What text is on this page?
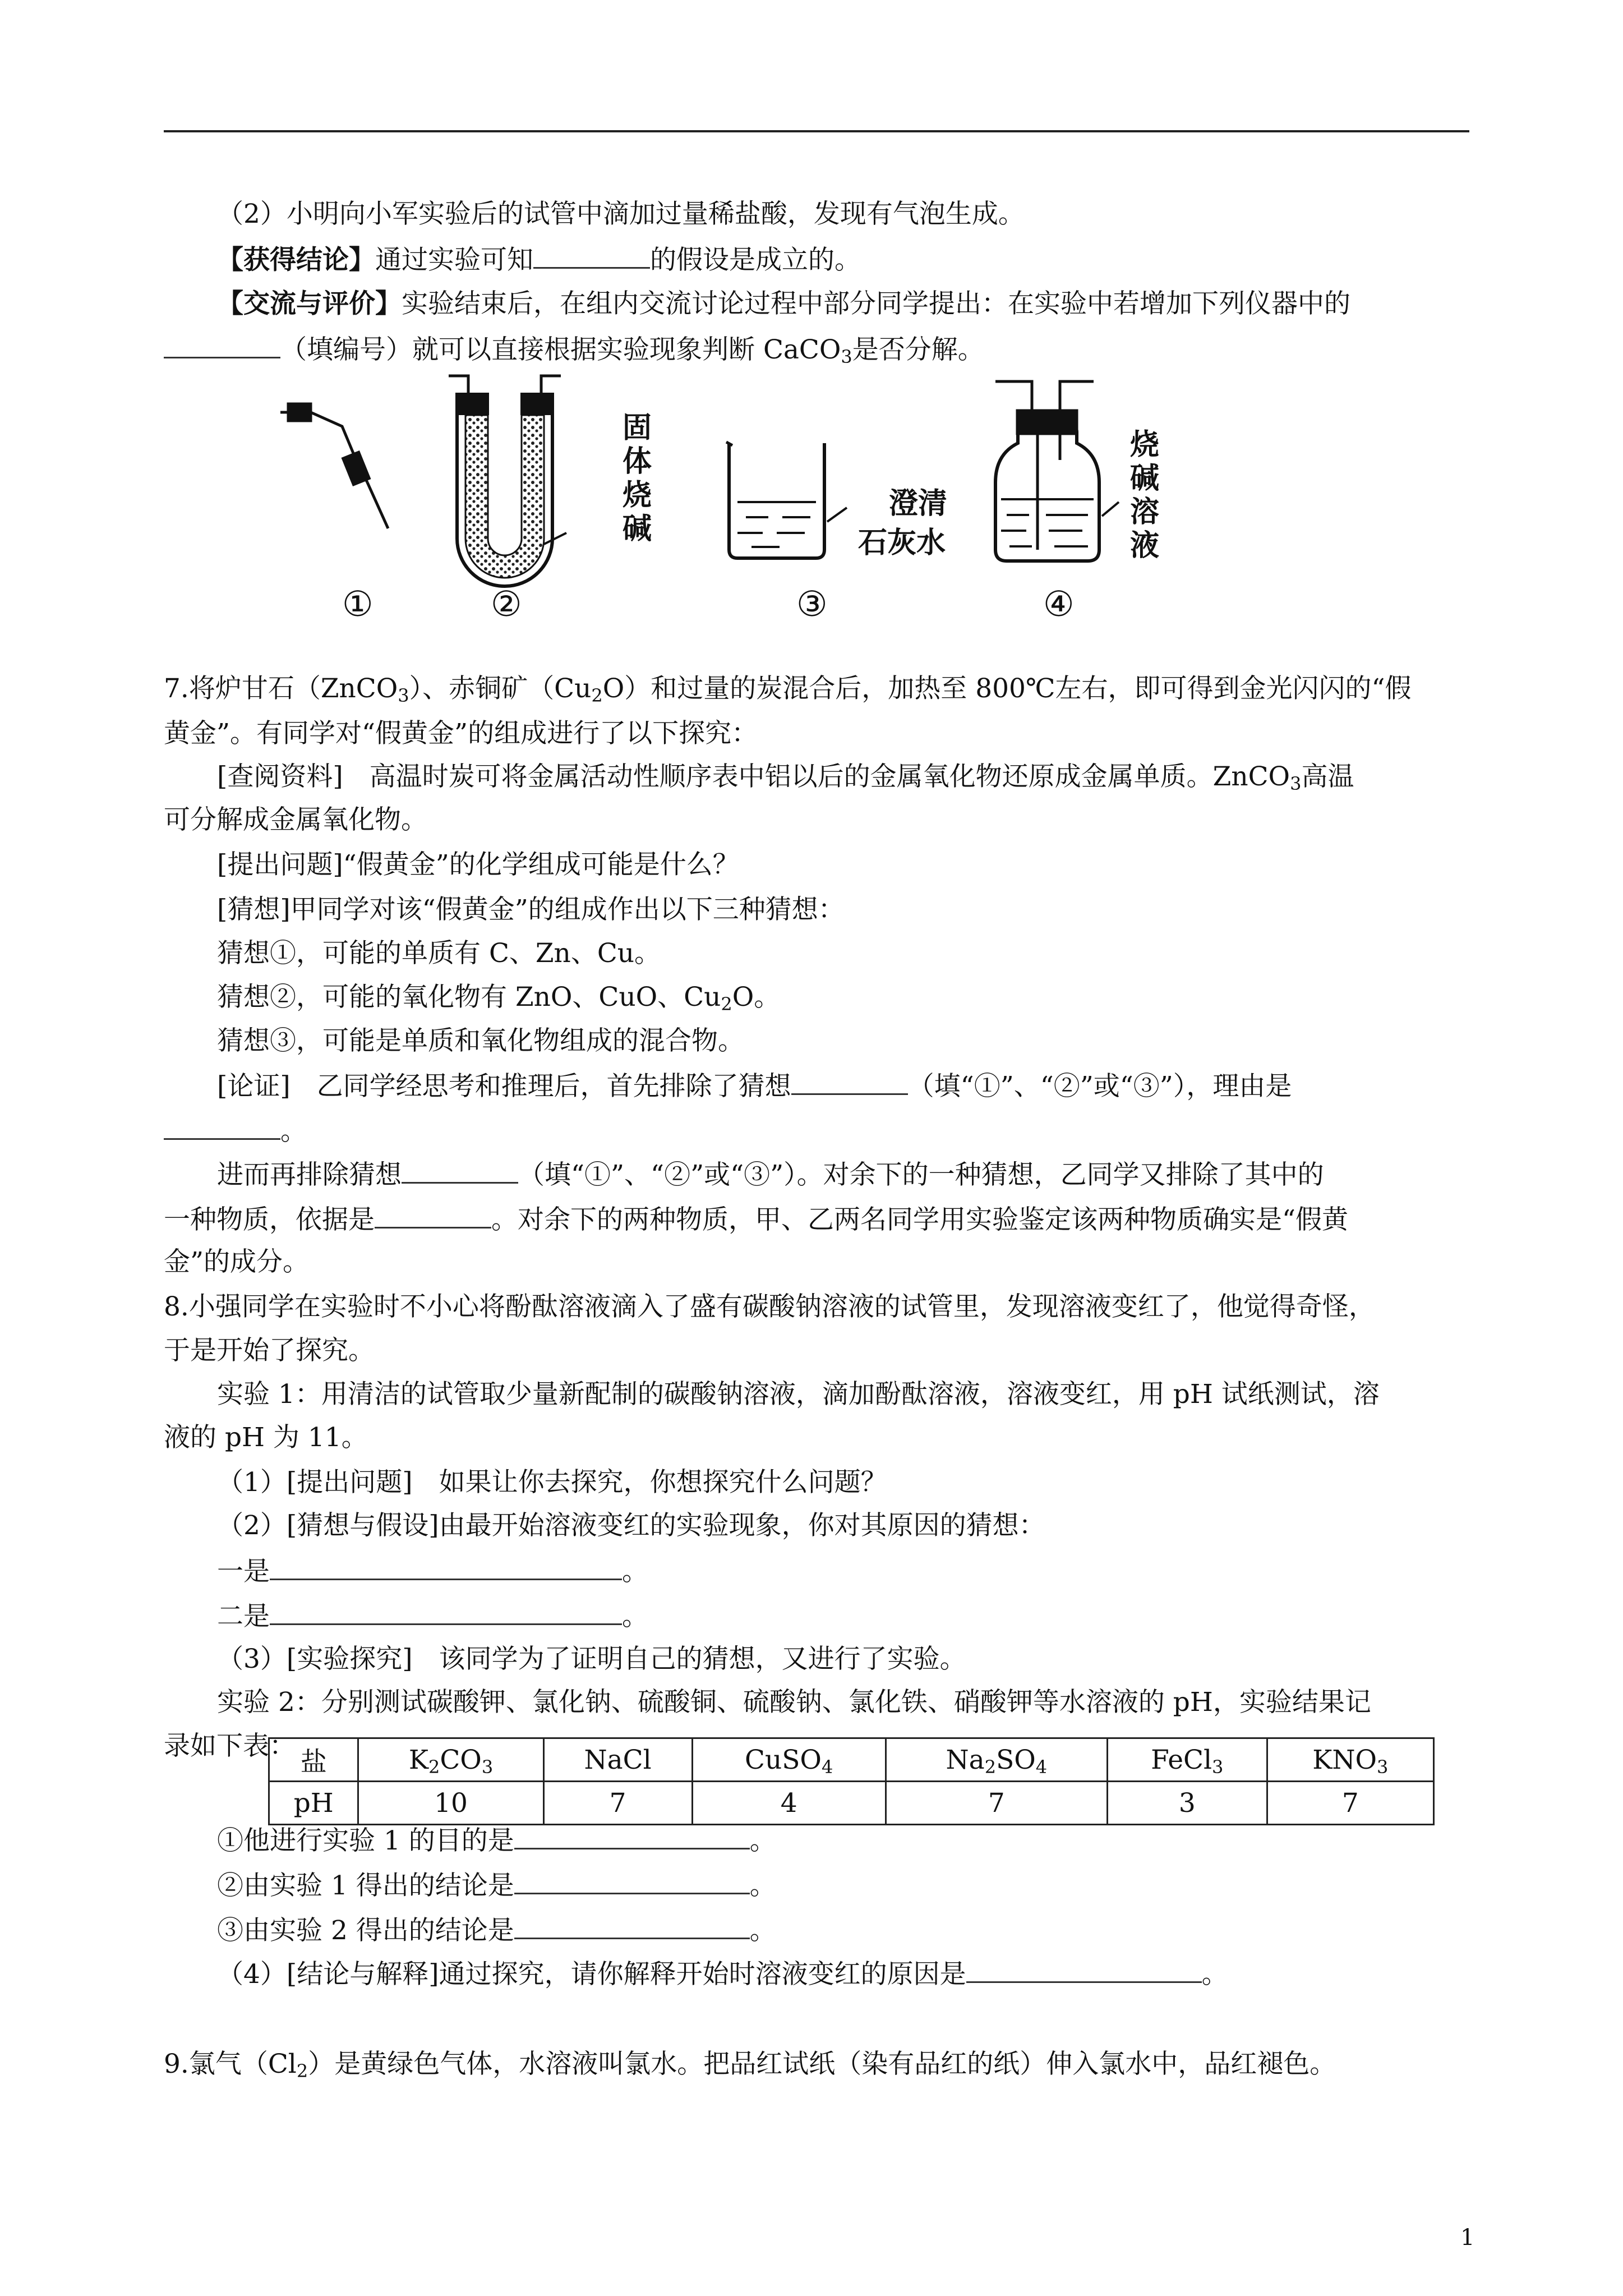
（2）小明向小军实验后的试管中滴加过量稀盐酸，发现有气泡生成。
【获得结论】通过实验可知	的假设是成立的。
【交流与评价】实验结束后，在组内交流讨论过程中部分同学提出：在实验中若增加下列仪器中的
（填编号）就可以直接根据实验现象判断 CaCO$_3$是否分解。
固
体
烧
碱
澄清
石灰水
烧
碱
溶
液
①	②	③	④
7.将炉甘石（ZnCO$_3$）、赤铜矿$(Cu_2O)$和过量的炭混合后，加热至 800℃左右，即可得到金光闪闪的“假
黄金”。有同学对“假黄金”的组成进行了以下探究：
[查阅资料]　高温时炭可将金属活动性顺序表中铝以后的金属氧化物还原成金属单质。ZnCO$_3$高温
可分解成金属氧化物。
[提出问题]“假黄金”的化学组成可能是什么？
[猜想]甲同学对该“假黄金”的组成作出以下三种猜想：
猜想①，可能的单质有 C、Zn、Cu。
猜想②，可能的氧化物有 ZnO、CuO、$Cu_2O$。
猜想③，可能是单质和氧化物组成的混合物。
[论证]　乙同学经思考和推理后，首先排除了猜想	（填“①”、“②”或“③”），理由是
。
进而再排除猜想	（填“①”、“②”或“③”）。对余下的一种猜想，乙同学又排除了其中的
一种物质，依据是	。对余下的两种物质，甲、乙两名同学用实验鉴定该两种物质确实是“假黄
金”的成分。
8.小强同学在实验时不小心将酚酞溶液滴入了盛有碳酸钠溶液的试管里，发现溶液变红了，他觉得奇怪，
于是开始了探究。
实验 1：用清洁的试管取少量新配制的碳酸钠溶液，滴加酚酞溶液，溶液变红，用 pH 试纸测试，溶
液的 pH 为 11。
（1）[提出问题]　如果让你去探究，你想探究什么问题？
（2）[猜想与假设]由最开始溶液变红的实验现象，你对其原因的猜想：
一是	。
二是	。
（3）[实验探究]　该同学为了证明自己的猜想，又进行了实验。
实验 2：分别测试碳酸钾、氯化钠、硫酸铜、硫酸钠、氯化铁、硝酸钾等水溶液的 pH，实验结果记
录如下表：
盐	$K_2CO_3$	NaCl	CuSO$_4$	$Na_2SO_4$	FeCl$_3$	$KNO_3$
pH	10	7	4	7	3	7
①他进行实验 1 的目的是	。
②由实验 1 得出的结论是	。
③由实验 2 得出的结论是	。
（4）[结论与解释]通过探究，请你解释开始时溶液变红的原因是	。
9.氯气$(Cl_2)$是黄绿色气体，水溶液叫氯水。把品红试纸（染有品红的纸）伸入氯水中，品红褪色。
1
